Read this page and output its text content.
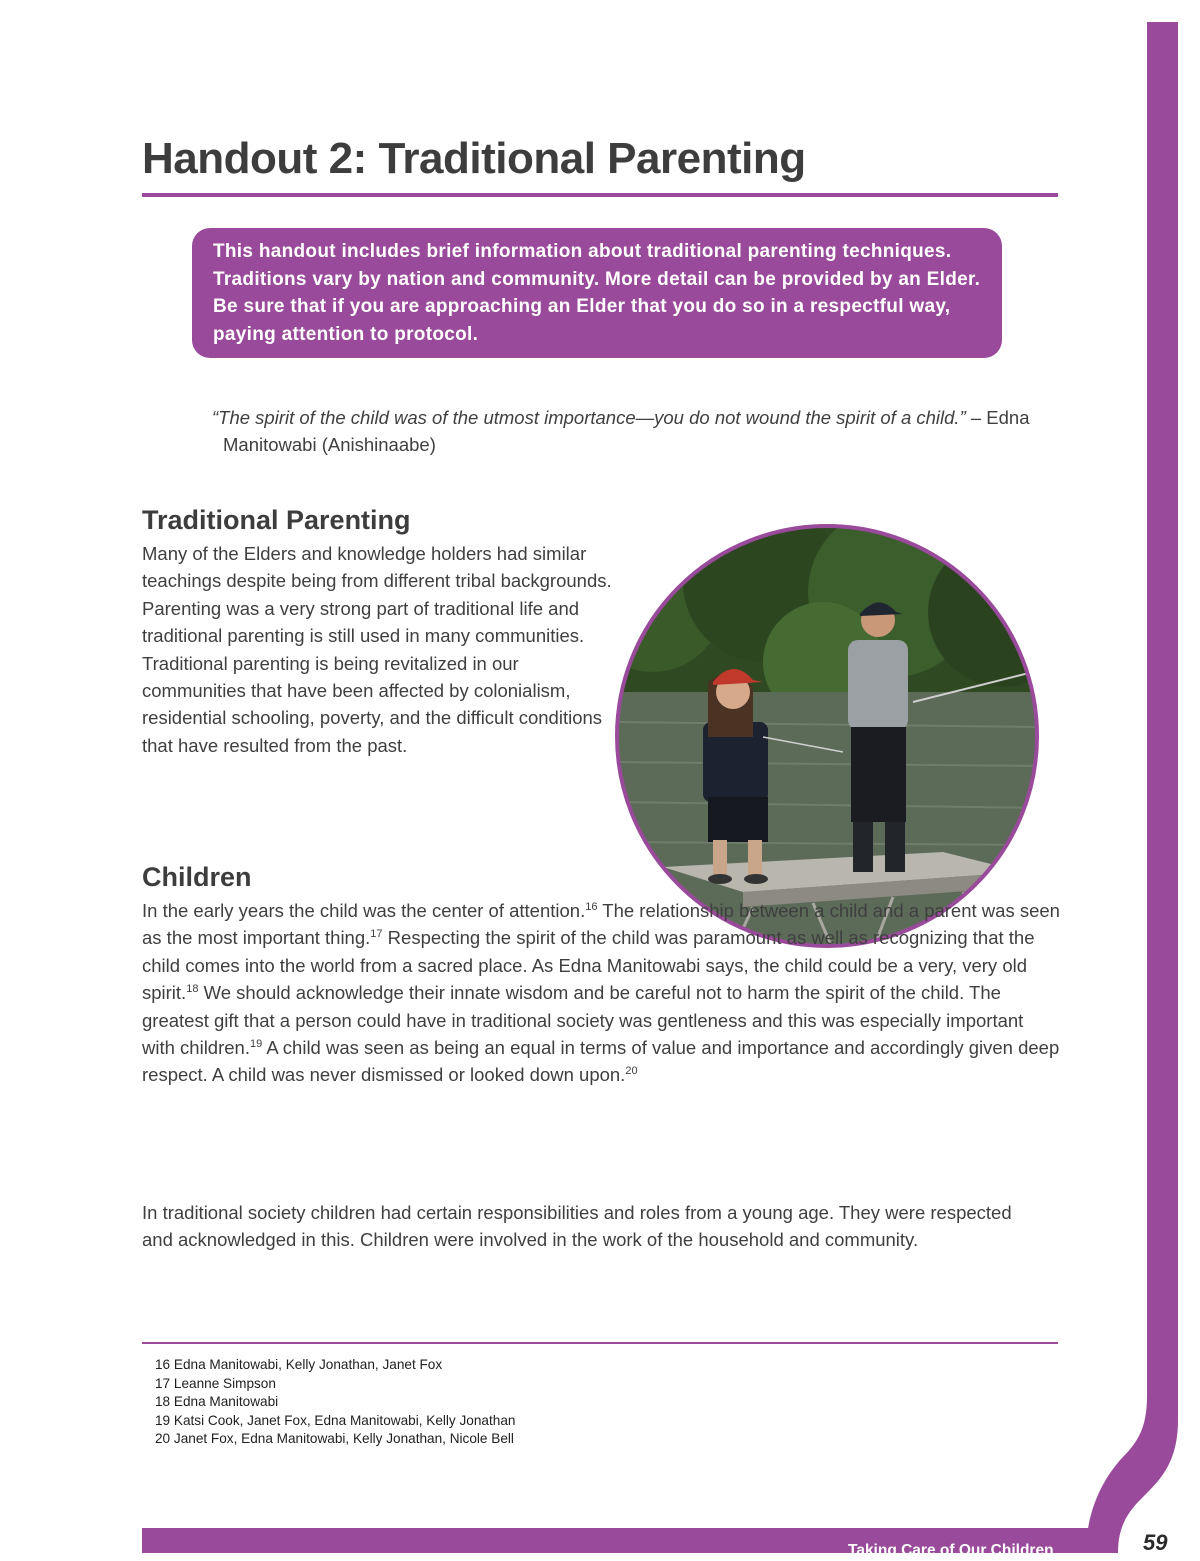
Handout 2: Traditional Parenting
This handout includes brief information about traditional parenting techniques. Traditions vary by nation and community. More detail can be provided by an Elder. Be sure that if you are approaching an Elder that you do so in a respectful way, paying attention to protocol.

“The spirit of the child was of the utmost importance—you do not wound the spirit of a child.” – Edna Manitowabi (Anishinaabe)

Traditional Parenting

Many of the Elders and knowledge holders had similar teachings despite being from different tribal backgrounds. Parenting was a very strong part of traditional life and traditional parenting is still used in many communities. Traditional parenting is being revitalized in our communities that have been affected by colonialism, residential schooling, poverty, and the difficult conditions that have resulted from the past.

Children

In the early years the child was the center of attention.$^{16}$ The relationship between a child and a parent was seen as the most important thing.$^{17}$ Respecting the spirit of the child was paramount as well as recognizing that the child comes into the world from a sacred place. As Edna Manitowabi says, the child could be a very, very old spirit.$^{18}$ We should acknowledge their innate wisdom and be careful not to harm the spirit of the child. The greatest gift that a person could have in traditional society was gentleness and this was especially important with children.$^{19}$ A child was seen as being an equal in terms of value and importance and accordingly given deep respect. A child was never dismissed or looked down upon.$^{20}$

In traditional society children had certain responsibilities and roles from a young age. They were respected and acknowledged in this. Children were involved in the work of the household and community.

16 Edna Manitowabi, Kelly Jonathan, Janet Fox
17 Leanne Simpson
18 Edna Manitowabi
19 Katsi Cook, Janet Fox, Edna Manitowabi, Kelly Jonathan
20 Janet Fox, Edna Manitowabi, Kelly Jonathan, Nicole Bell
Taking Care of Our Children	59
